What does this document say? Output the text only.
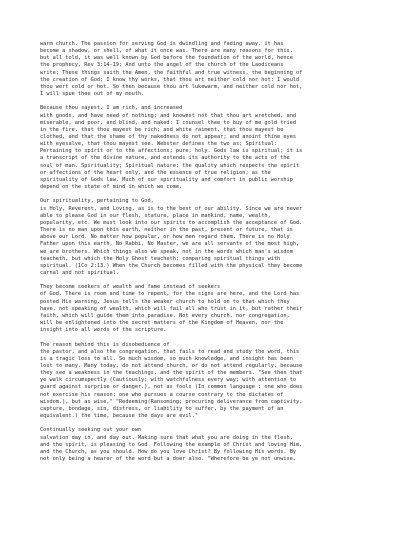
warm church. The passion for serving God is dwindling and fading away, it has
become a shadow, or shell, of what it once was. There are many reasons for this,
but all told, it was well known by God before the foundation of the world, hence
the prophecy, Rev 3:14-19; And unto the angel of the church of the Laodiceans
write; These things saith the Amen, the faithful and true witness, the beginning of
the creation of God; I know thy works, that thou art neither cold nor hot: I would
thou wert cold or hot. So then because thou art lukewarm, and neither cold nor hot,
I will spue thee out of my mouth.
Because thou sayest, I am rich, and increased
with goods, and have need of nothing; and knowest not that thou art wretched, and
miserable, and poor, and blind, and naked: I counsel thee to buy of me gold tried
in the fire, that thou mayest be rich; and white raiment, that thou mayest be
clothed, and that the shame of thy nakedness do not appear; and anoint thine eyes
with eyesalve, that thou mayest see. Webster defines the two as; Spiritual:
Pertaining to spirit or to the affections; pure; holy. Gods law is spiritual; it is
a transcript of the divine nature, and extends its authority to the acts of the
soul of man. Spirituality; Spiritual nature; the quality which respects the spirit
or affections of the heart only, and the essence of true religion; as the
spirituality of Gods law. Much of our spirituality and comfort in public worship
depend on the state of mind in which we come.
Our spirituality, pertaining to God,
is Holy, Reverent, and Loving, as is to the best of our ability. Since we are never
able to please God in our flesh, stature, place in mankind, name, wealth,
popularity, etc. We must look into our spirits to accomplish the acceptance of God.
There is no man upon this earth, neither in the past, present or future, that is
above our Lord. No matter how popular, or how men regard them. There is no Holy
Father upon this earth, No Rabbi, No Master, we are all servants of the most high,
we are brothers. Which things also we speak, not in the words which man's wisdom
teacheth, but which the Holy Ghost teacheth; comparing spiritual things with
spiritual. (1Co 2:13.) When the Church becomes filled with the physical they become
carnal and not spiritual.
They become seekers of wealth and fame instead of seekers
of God. There is room and time to repent, for the signs are here, and the Lord has
posted His warning. Jesus tells the weaker church to hold on to that which they
have, not speaking of wealth, which will fail all who trust in it, but rather their
faith, which will guide them into paradise. Not every church, nor congregation,
will be enlightened into the secret matters of the Kingdom of Heaven, nor the
insight into all words of the scripture.
The reason behind this is disobedience of
the pastor, and also the congregation, that fails to read and study the word, this
is a tragic loss to all. So much wisdom, so much knowledge, and insight has been
lost to many. Many today, do not attend church, or do not attend regularly, because
they see a weakness in the teachings, and the spirit of the members. "See then that
ye walk circumspectly (Cautiously; with watchfulness every way; with attention to
guard against surprise or danger.), not as fools (In common language ; one who does
not exercise his reason; one who pursues a course contrary to the dictates of
wisdom.), but as wise," "Redeeming(Ransoming; procuring deliverance from captivity,
capture, bondage, sin, distress, or liability to suffer, by the payment of an
equivalent.) the time, because the days are evil."
Continually seeking out your own
salvation day in, and day out. Making sure that what you are doing in the flesh,
and the spirit, is pleasing to God. Following the example of Christ and loving Him,
and the Church, as you should. How do you love Christ? By following His words. By
not only being a hearer of the word but a doer also. "Wherefore be ye not unwise,
